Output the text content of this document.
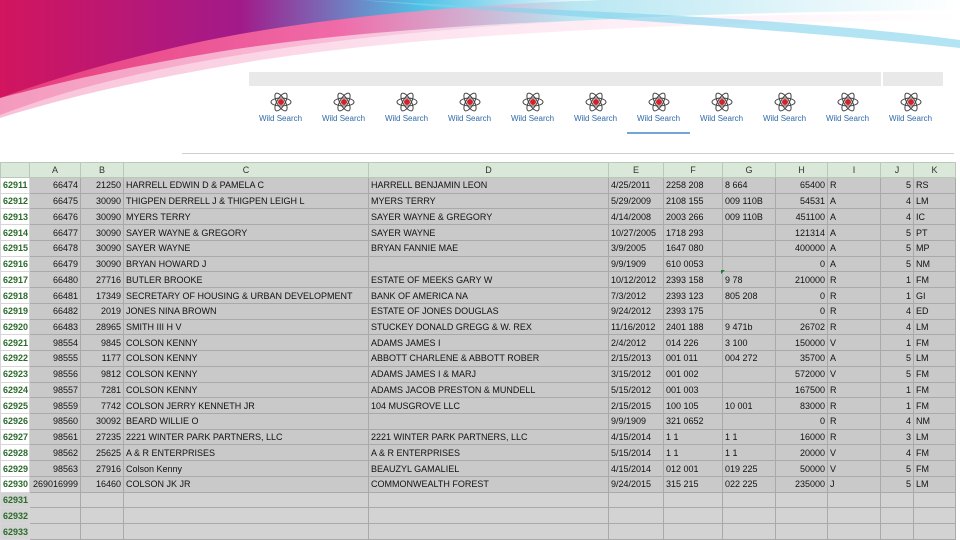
Wild Search	Wild Search	Wild Search	Wild Search	Wild Search	Wild Search	Wild Search	Wild Search	Wild Search	Wild Search	Wild Search
	A	B	C	D	E	F	G	H	I	J	K
62911	66474	21250	HARRELL EDWIN D & PAMELA C	HARRELL BENJAMIN LEON	4/25/2011	2258 208	8 664	65400	R	5	RS
62912	66475	30090	THIGPEN DERRELL J & THIGPEN LEIGH L	MYERS TERRY	5/29/2009	2108 155	009 110B	54531	A	4	LM
62913	66476	30090	MYERS TERRY	SAYER WAYNE & GREGORY	4/14/2008	2003 266	009 110B	451100	A	4	IC
62914	66477	30090	SAYER WAYNE & GREGORY	SAYER WAYNE	10/27/2005	1718 293		121314	A	5	PT
62915	66478	30090	SAYER WAYNE	BRYAN FANNIE MAE	3/9/2005	1647 080		400000	A	5	MP
62916	66479	30090	BRYAN HOWARD J		9/9/1909	610 0053		0	A	5	NM
62917	66480	27716	BUTLER BROOKE	ESTATE OF MEEKS GARY W	10/12/2012	2393 158	9 78	210000	R	1	FM
62918	66481	17349	SECRETARY OF HOUSING & URBAN DEVELOPMENT	BANK OF AMERICA NA	7/3/2012	2393 123	805 208	0	R	1	GI
62919	66482	2019	JONES NINA BROWN	ESTATE OF JONES DOUGLAS	9/24/2012	2393 175		0	R	4	ED
62920	66483	28965	SMITH III H V	STUCKEY DONALD GREGG & W. REX	11/16/2012	2401 188	9 471b	26702	R	4	LM
62921	98554	9845	COLSON KENNY	ADAMS JAMES I	2/4/2012	014 226	3 100	150000	V	1	FM
62922	98555	1177	COLSON KENNY	ABBOTT CHARLENE & ABBOTT ROBER	2/15/2013	001 011	004 272	35700	A	5	LM
62923	98556	9812	COLSON KENNY	ADAMS JAMES I & MARJ	3/15/2012	001 002		572000	V	5	FM
62924	98557	7281	COLSON KENNY	ADAMS JACOB PRESTON & MUNDELL	5/15/2012	001 003		167500	R	1	FM
62925	98559	7742	COLSON JERRY KENNETH JR	104 MUSGROVE LLC	2/15/2015	100 105	10 001	83000	R	1	FM
62926	98560	30092	BEARD WILLIE O		9/9/1909	321 0652		0	R	4	NM
62927	98561	27235	2221 WINTER PARK PARTNERS, LLC	2221 WINTER PARK PARTNERS, LLC	4/15/2014	1 1	1 1	16000	R	3	LM
62928	98562	25625	A & R ENTERPRISES	A & R ENTERPRISES	5/15/2014	1 1	1 1	20000	V	4	FM
62929	98563	27916	Colson Kenny	BEAUZYL GAMALIEL	4/15/2014	012 001	019 225	50000	V	5	FM
62930	269016999	16460	COLSON JK JR	COMMONWEALTH FOREST	9/24/2015	315 215	022 225	235000	J	5	LM
62931											
62932											
62933											
